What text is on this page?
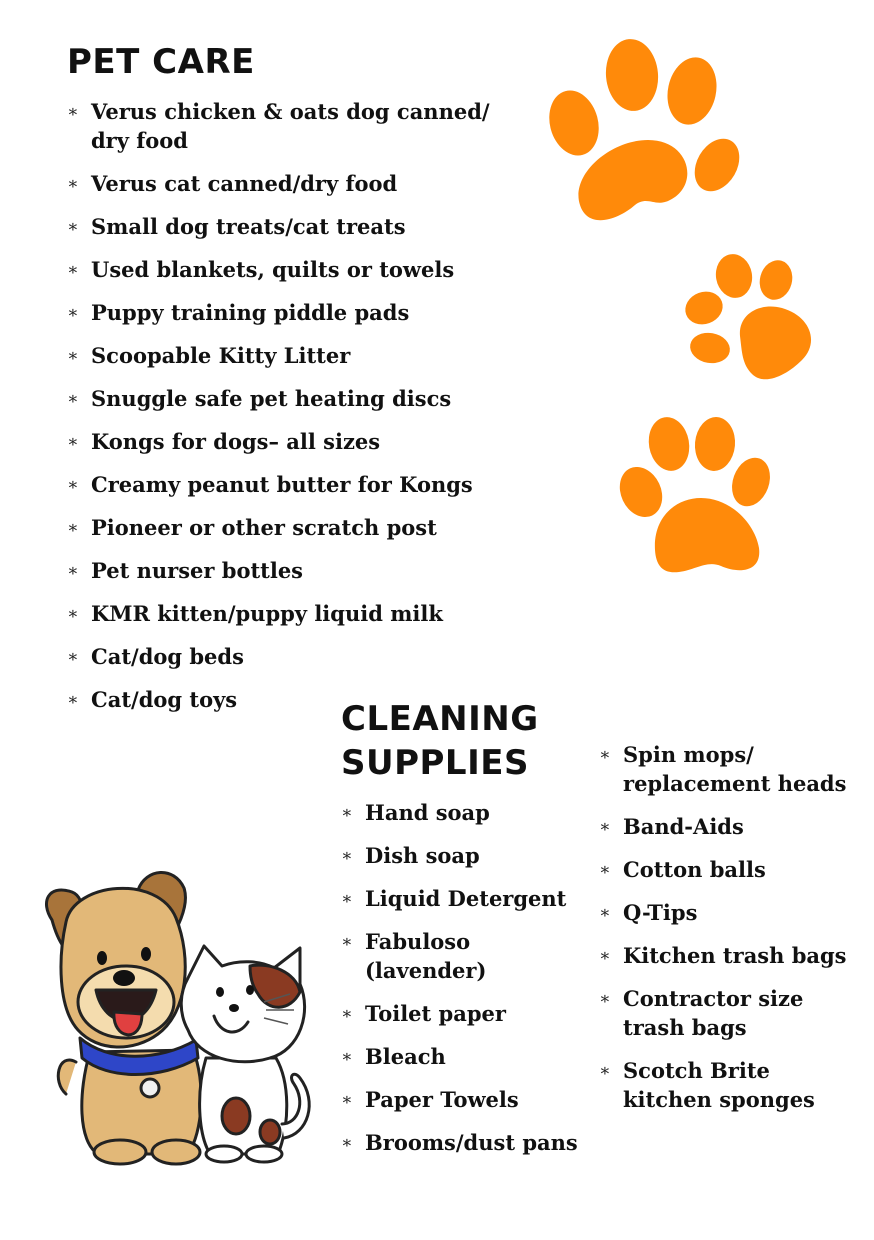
PET CARE
∗ Verus chicken & oats dog canned/ dry food
∗ Verus cat canned/dry food
∗ Small dog treats/cat treats
∗ Used blankets, quilts or towels
∗ Puppy training piddle pads
∗ Scoopable Kitty Litter
∗ Snuggle safe pet heating discs
∗ Kongs for dogs– all sizes
∗ Creamy peanut butter for Kongs
∗ Pioneer or other scratch post
∗ Pet nurser bottles
∗ KMR kitten/puppy liquid milk
∗ Cat/dog beds
∗ Cat/dog toys	CLEANING SUPPLIES
∗ Hand soap
∗ Dish soap
∗ Liquid Detergent
∗ Fabuloso (lavender)
∗ Toilet paper
∗ Bleach
∗ Paper Towels
∗ Brooms/dust pans
∗ Spin mops/ replacement heads
∗ Band-Aids
∗ Cotton balls
∗ Q-Tips
∗ Kitchen trash bags
∗ Contractor size trash bags
∗ Scotch Brite kitchen sponges
